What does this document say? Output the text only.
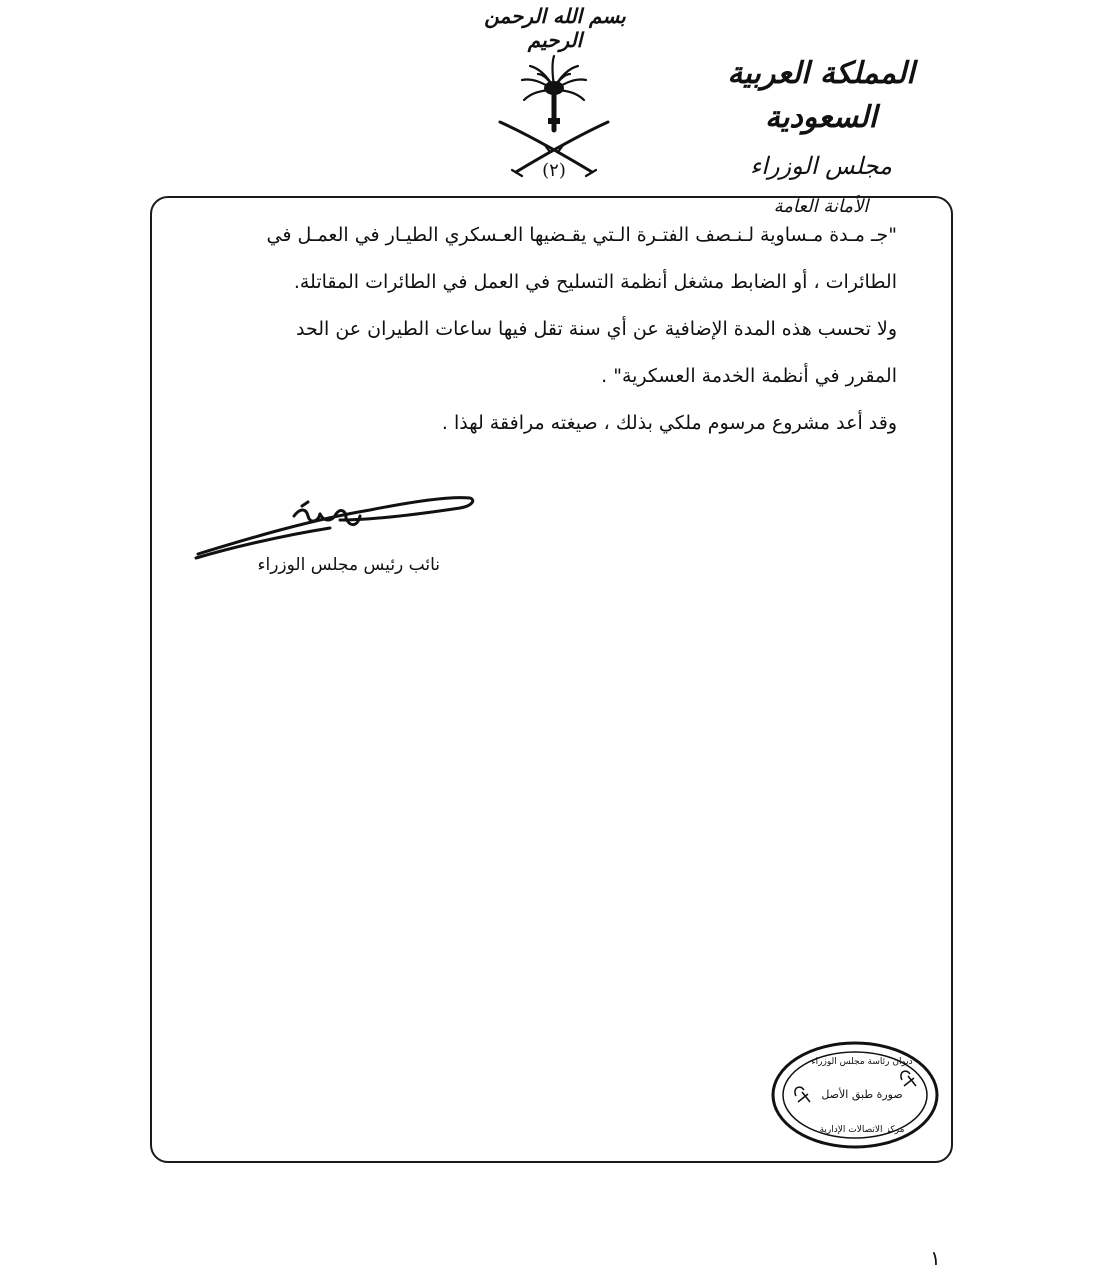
بسم الله الرحمن الرحيم
(٢)
المملكة العربية السعودية
مجلس الوزراء
الأمانة العامة

"جـ مـدة مـساوية لـنـصف الفتـرة الـتي يقـضيها العـسكري الطيـار في العمـل في

الطائرات ، أو الضابط مشغل أنظمة التسليح في العمل في الطائرات المقاتلة.

ولا تحسب هذه المدة الإضافية عن أي سنة تقل فيها ساعات الطيران عن الحد

المقرر في أنظمة الخدمة العسكرية" .

وقد أعد مشروع مرسوم ملكي بذلك ، صيغته مرافقة لهذا .

نائب رئيس مجلس الوزراء
ديوان رئاسة مجلس الوزراء
صورة طبق الأصل
مركز الاتصالات الإدارية
١
